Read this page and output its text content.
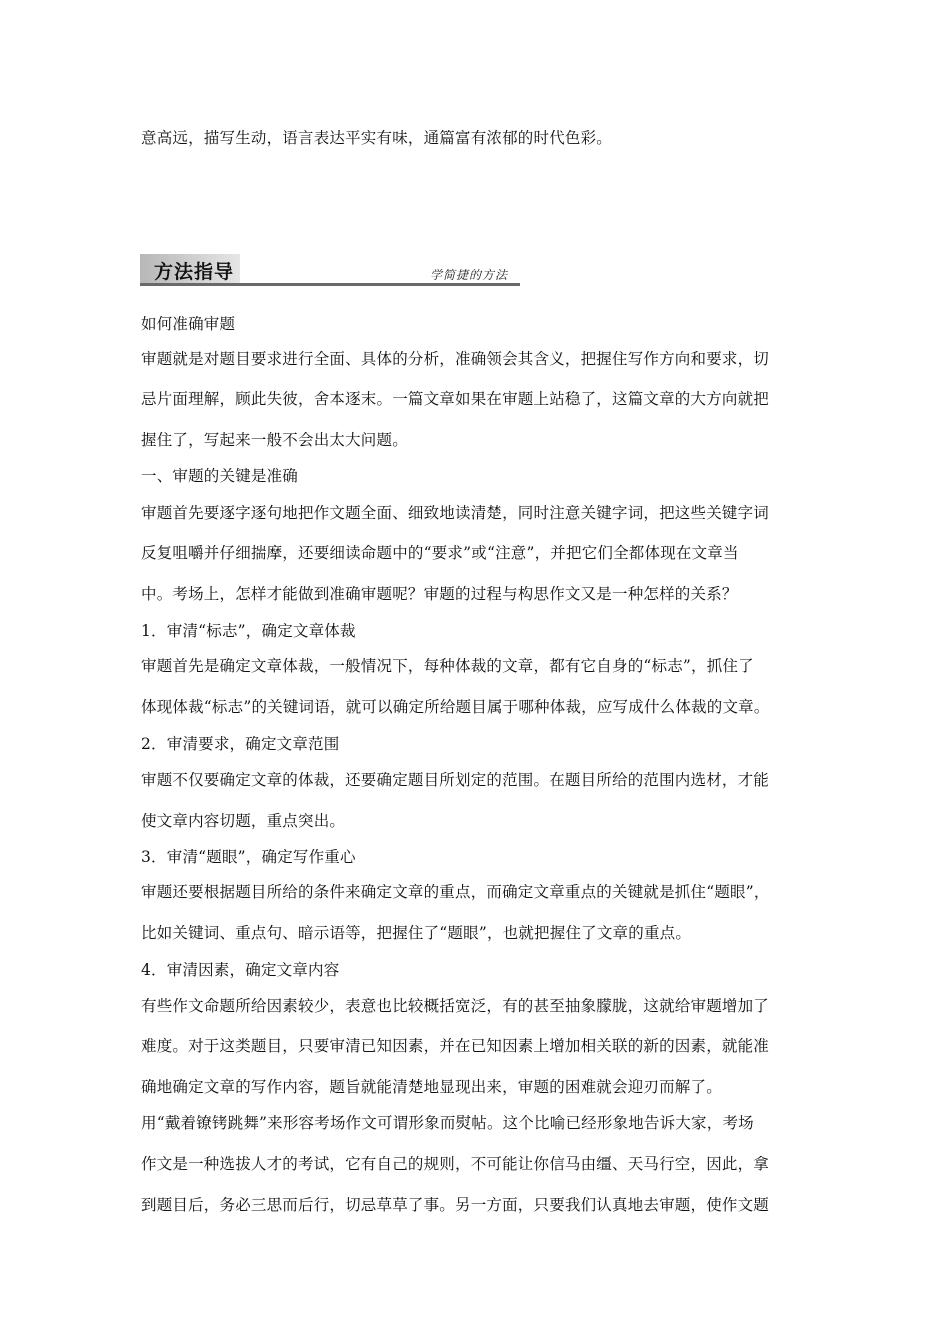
意高远，描写生动，语言表达平实有味，通篇富有浓郁的时代色彩。
方法指导	学简捷的方法
如何准确审题
审题就是对题目要求进行全面、具体的分析，准确领会其含义，把握住写作方向和要求，切
忌片面理解，顾此失彼，舍本逐末。一篇文章如果在审题上站稳了，这篇文章的大方向就把
握住了，写起来一般不会出太大问题。
一、审题的关键是准确
审题首先要逐字逐句地把作文题全面、细致地读清楚，同时注意关键字词，把这些关键字词
反复咀嚼并仔细揣摩，还要细读命题中的“要求”或“注意”，并把它们全都体现在文章当
中。考场上，怎样才能做到准确审题呢？审题的过程与构思作文又是一种怎样的关系？
1．审清“标志”，确定文章体裁
审题首先是确定文章体裁，一般情况下，每种体裁的文章，都有它自身的“标志”，抓住了
体现体裁“标志”的关键词语，就可以确定所给题目属于哪种体裁，应写成什么体裁的文章。
2．审清要求，确定文章范围
审题不仅要确定文章的体裁，还要确定题目所划定的范围。在题目所给的范围内选材，才能
使文章内容切题，重点突出。
3．审清“题眼”，确定写作重心
审题还要根据题目所给的条件来确定文章的重点，而确定文章重点的关键就是抓住“题眼”，
比如关键词、重点句、暗示语等，把握住了“题眼”，也就把握住了文章的重点。
4．审清因素，确定文章内容
有些作文命题所给因素较少，表意也比较概括宽泛，有的甚至抽象朦胧，这就给审题增加了
难度。对于这类题目，只要审清已知因素，并在已知因素上增加相关联的新的因素，就能准
确地确定文章的写作内容，题旨就能清楚地显现出来，审题的困难就会迎刃而解了。
用“戴着镣铐跳舞”来形容考场作文可谓形象而熨帖。这个比喻已经形象地告诉大家，考场
作文是一种选拔人才的考试，它有自己的规则，不可能让你信马由缰、天马行空，因此，拿
到题目后，务必三思而后行，切忌草草了事。另一方面，只要我们认真地去审题，使作文题
